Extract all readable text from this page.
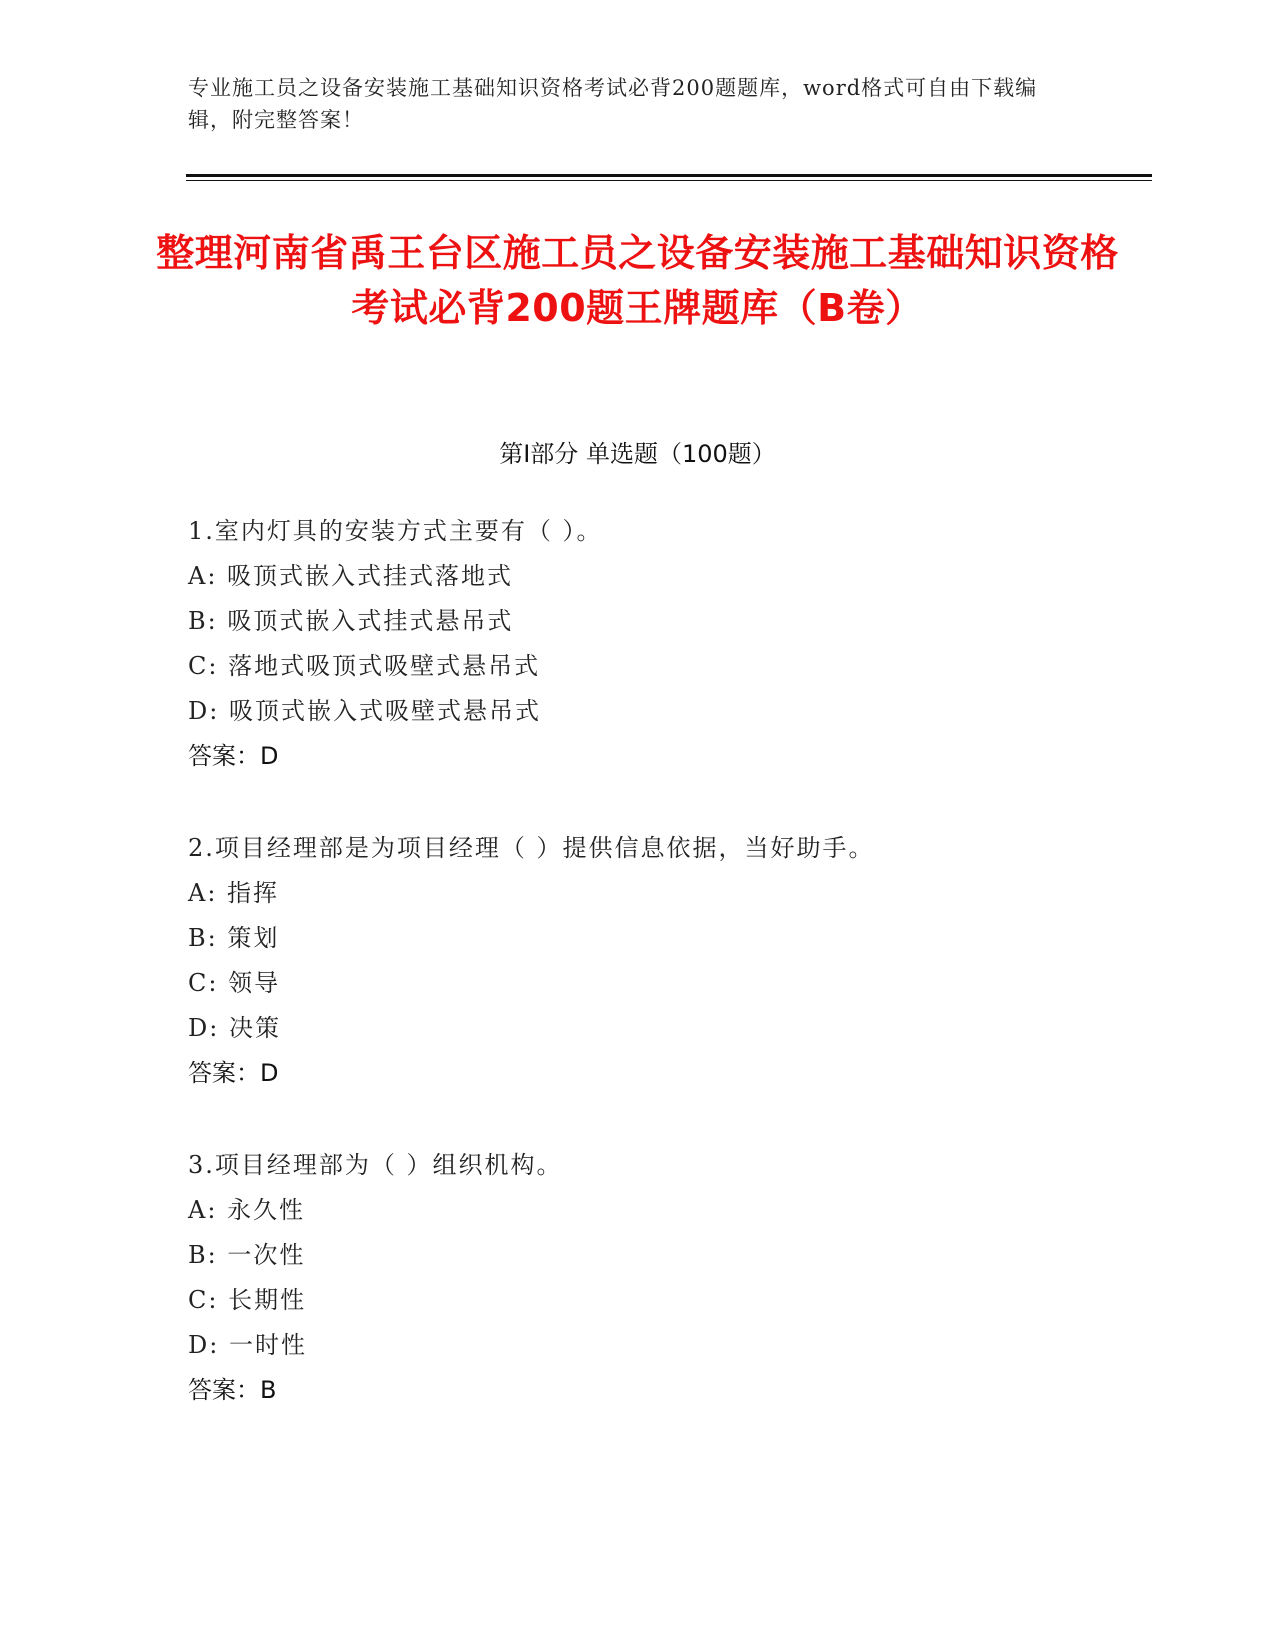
专业施工员之设备安装施工基础知识资格考试必背200题题库，word格式可自由下载编辑，附完整答案！
整理河南省禹王台区施工员之设备安装施工基础知识资格考试必背200题王牌题库（B卷）
第Ⅰ部分 单选题（100题）
1.室内灯具的安装方式主要有（ ）。
A: 吸顶式嵌入式挂式落地式
B: 吸顶式嵌入式挂式悬吊式
C: 落地式吸顶式吸壁式悬吊式
D: 吸顶式嵌入式吸壁式悬吊式
答案：D
2.项目经理部是为项目经理（ ）提供信息依据，当好助手。
A: 指挥
B: 策划
C: 领导
D: 决策
答案：D
3.项目经理部为（ ）组织机构。
A: 永久性
B: 一次性
C: 长期性
D: 一时性
答案：B
